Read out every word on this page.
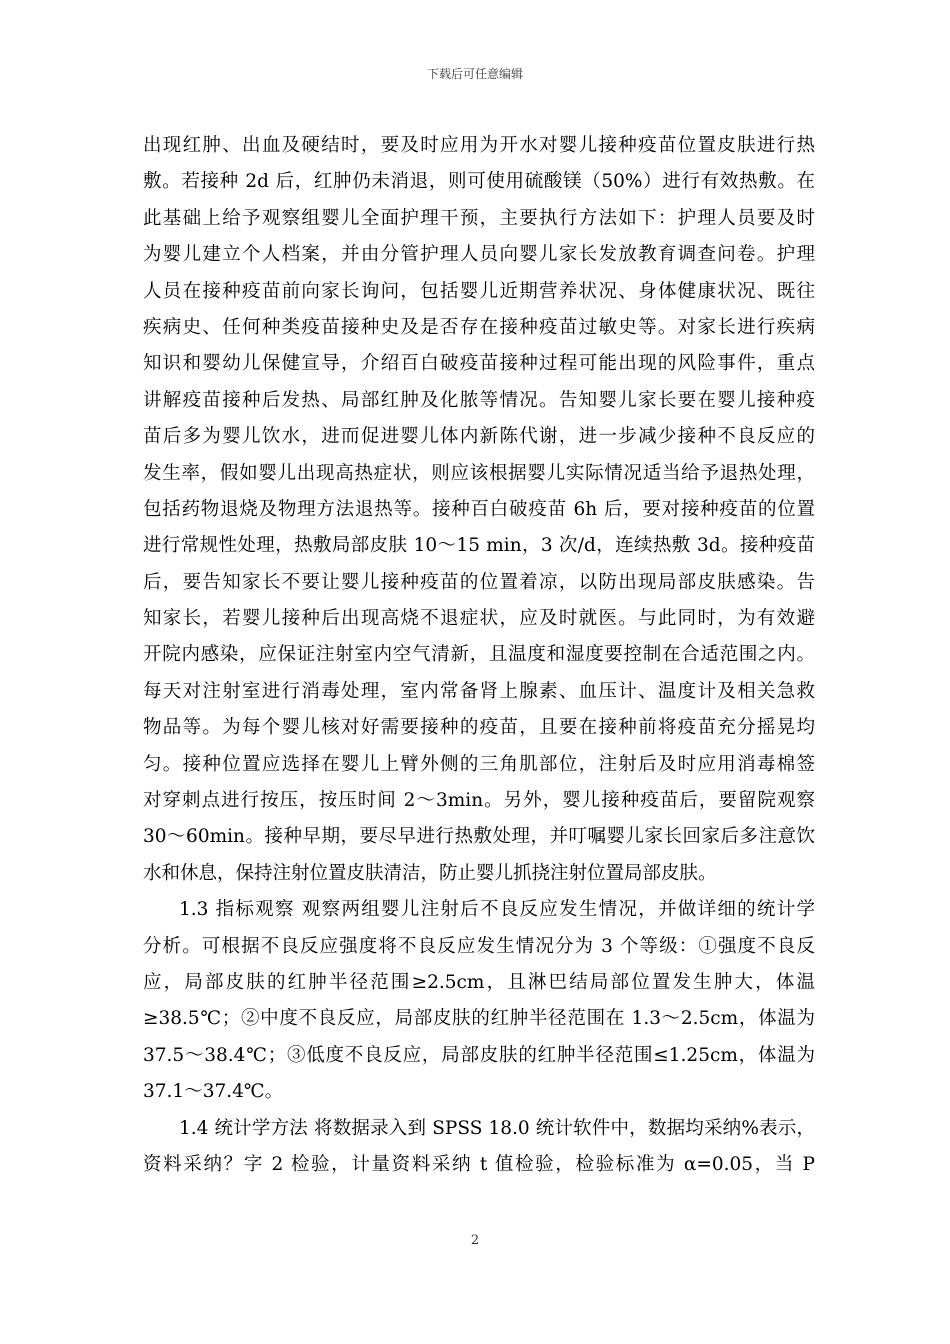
下载后可任意编辑
出现红肿、出血及硬结时，要及时应用为开水对婴儿接种疫苗位置皮肤进行热
敷。若接种 2d 后，红肿仍未消退，则可使用硫酸镁（50%）进行有效热敷。在
此基础上给予观察组婴儿全面护理干预，主要执行方法如下：护理人员要及时
为婴儿建立个人档案，并由分管护理人员向婴儿家长发放教育调查问卷。护理
人员在接种疫苗前向家长询问，包括婴儿近期营养状况、身体健康状况、既往
疾病史、任何种类疫苗接种史及是否存在接种疫苗过敏史等。对家长进行疾病
知识和婴幼儿保健宣导，介绍百白破疫苗接种过程可能出现的风险事件，重点
讲解疫苗接种后发热、局部红肿及化脓等情况。告知婴儿家长要在婴儿接种疫
苗后多为婴儿饮水，进而促进婴儿体内新陈代谢，进一步减少接种不良反应的
发生率，假如婴儿出现高热症状，则应该根据婴儿实际情况适当给予退热处理，
包括药物退烧及物理方法退热等。接种百白破疫苗 6h 后，要对接种疫苗的位置
进行常规性处理，热敷局部皮肤 10～15 min，3 次/d，连续热敷 3d。接种疫苗
后，要告知家长不要让婴儿接种疫苗的位置着凉，以防出现局部皮肤感染。告
知家长，若婴儿接种后出现高烧不退症状，应及时就医。与此同时，为有效避
开院内感染，应保证注射室内空气清新，且温度和湿度要控制在合适范围之内。
每天对注射室进行消毒处理，室内常备肾上腺素、血压计、温度计及相关急救
物品等。为每个婴儿核对好需要接种的疫苗，且要在接种前将疫苗充分摇晃均
匀。接种位置应选择在婴儿上臂外侧的三角肌部位，注射后及时应用消毒棉签
对穿刺点进行按压，按压时间 2～3min。另外，婴儿接种疫苗后，要留院观察
30～60min。接种早期，要尽早进行热敷处理，并叮嘱婴儿家长回家后多注意饮
水和休息，保持注射位置皮肤清洁，防止婴儿抓挠注射位置局部皮肤。
1.3 指标观察 观察两组婴儿注射后不良反应发生情况，并做详细的统计学
分析。可根据不良反应强度将不良反应发生情况分为 3 个等级：①强度不良反
应，局部皮肤的红肿半径范围≥2.5cm，且淋巴结局部位置发生肿大，体温
≥38.5℃；②中度不良反应，局部皮肤的红肿半径范围在 1.3～2.5cm，体温为
37.5～38.4℃；③低度不良反应，局部皮肤的红肿半径范围≤1.25cm，体温为
37.1～37.4℃。
1.4 统计学方法 将数据录入到 SPSS 18.0 统计软件中，数据均采纳%表示，
资料采纳？字 2 检验，计量资料采纳 t 值检验，检验标准为 α=0.05，当 P
2
